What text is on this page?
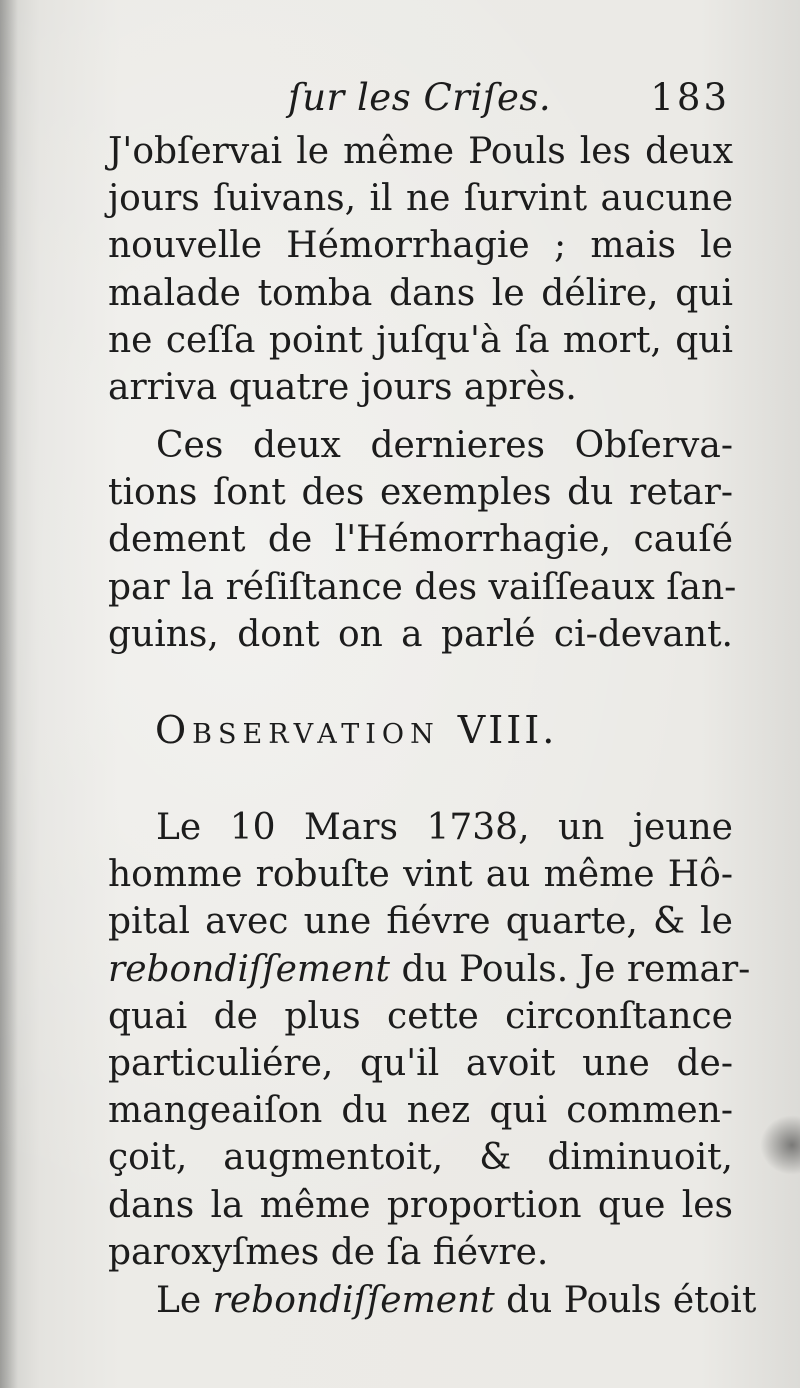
ſur les Criſes.	183
J'obſervai le même Pouls les deux
jours ſuivans, il ne ſurvint aucune
nouvelle Hémorrhagie ; mais le
malade tomba dans le délire, qui
ne ceſſa point juſqu'à ſa mort, qui
arriva quatre jours après.
Ces deux dernieres Obſerva-
tions ſont des exemples du retar-
dement de l'Hémorrhagie, cauſé
par la réſiſtance des vaiſſeaux ſan-
guins, dont on a parlé ci-devant.
Observation VIII.
Le 10 Mars 1738, un jeune
homme robuſte vint au même Hô-
pital avec une fiévre quarte, & le
rebondiſſement du Pouls. Je remar-
quai de plus cette circonſtance
particuliére, qu'il avoit une de-
mangeaiſon du nez qui commen-
çoit, augmentoit, & diminuoit,
dans la même proportion que les
paroxyſmes de ſa fiévre.
Le rebondiſſement du Pouls étoit
